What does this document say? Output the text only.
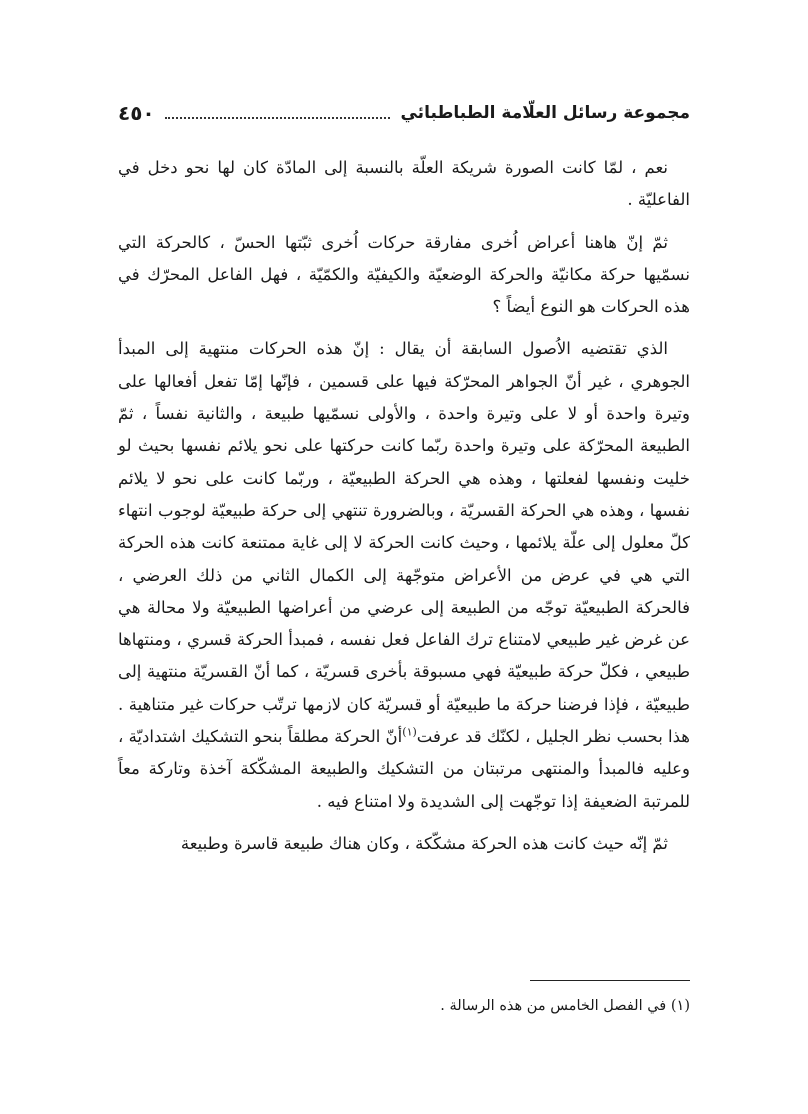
مجموعة رسائل العلّامة الطباطبائي
٤٥٠

نعم ، لمّا كانت الصورة شريكة العلّة بالنسبة إلى المادّة كان لها نحو دخل في الفاعليّة .

ثمّ إنّ هاهنا أعراض اُخرى مفارقة حركات اُخرى ثبّتها الحسّ ، كالحركة التي نسمّيها حركة مكانيّة والحركة الوضعيّة والكيفيّة والكمّيّة ، فهل الفاعل المحرّك في هذه الحركات هو النوع أيضاً ؟

الذي تقتضيه الاُصول السابقة أن يقال : إنّ هذه الحركات منتهية إلى المبدأ الجوهري ، غير أنّ الجواهر المحرّكة فيها على قسمين ، فإنّها إمّا تفعل أفعالها على وتيرة واحدة أو لا على وتيرة واحدة ، والأولى نسمّيها طبيعة ، والثانية نفساً ، ثمّ الطبيعة المحرّكة على وتيرة واحدة ربّما كانت حركتها على نحو يلائم نفسها بحيث لو خليت ونفسها لفعلتها ، وهذه هي الحركة الطبيعيّة ، وربّما كانت على نحو لا يلائم نفسها ، وهذه هي الحركة القسريّة ، وبالضرورة تنتهي إلى حركة طبيعيّة لوجوب انتهاء كلّ معلول إلى علّة يلائمها ، وحيث كانت الحركة لا إلى غاية ممتنعة كانت هذه الحركة التي هي في عرض من الأعراض متوجّهة إلى الكمال الثاني من ذلك العرضي ، فالحركة الطبيعيّة توجّه من الطبيعة إلى عرضي من أعراضها الطبيعيّة ولا محالة هي عن غرض غير طبيعي لامتناع ترك الفاعل فعل نفسه ، فمبدأ الحركة قسري ، ومنتهاها طبيعي ، فكلّ حركة طبيعيّة فهي مسبوقة بأخرى قسريّة ، كما أنّ القسريّة منتهية إلى طبيعيّة ، فإذا فرضنا حركة ما طبيعيّة أو قسريّة كان لازمها ترتّب حركات غير متناهية . هذا بحسب نظر الجليل ، لكنّك قد عرفت$^{(١)}$أنّ الحركة مطلقاً بنحو التشكيك اشتداديّة ، وعليه فالمبدأ والمنتهى مرتبتان من التشكيك والطبيعة المشكّكة آخذة وتاركة معاً للمرتبة الضعيفة إذا توجّهت إلى الشديدة ولا امتناع فيه .

ثمّ إنّه حيث كانت هذه الحركة مشكّكة ، وكان هناك طبيعة قاسرة وطبيعة

(١) في الفصل الخامس من هذه الرسالة .
